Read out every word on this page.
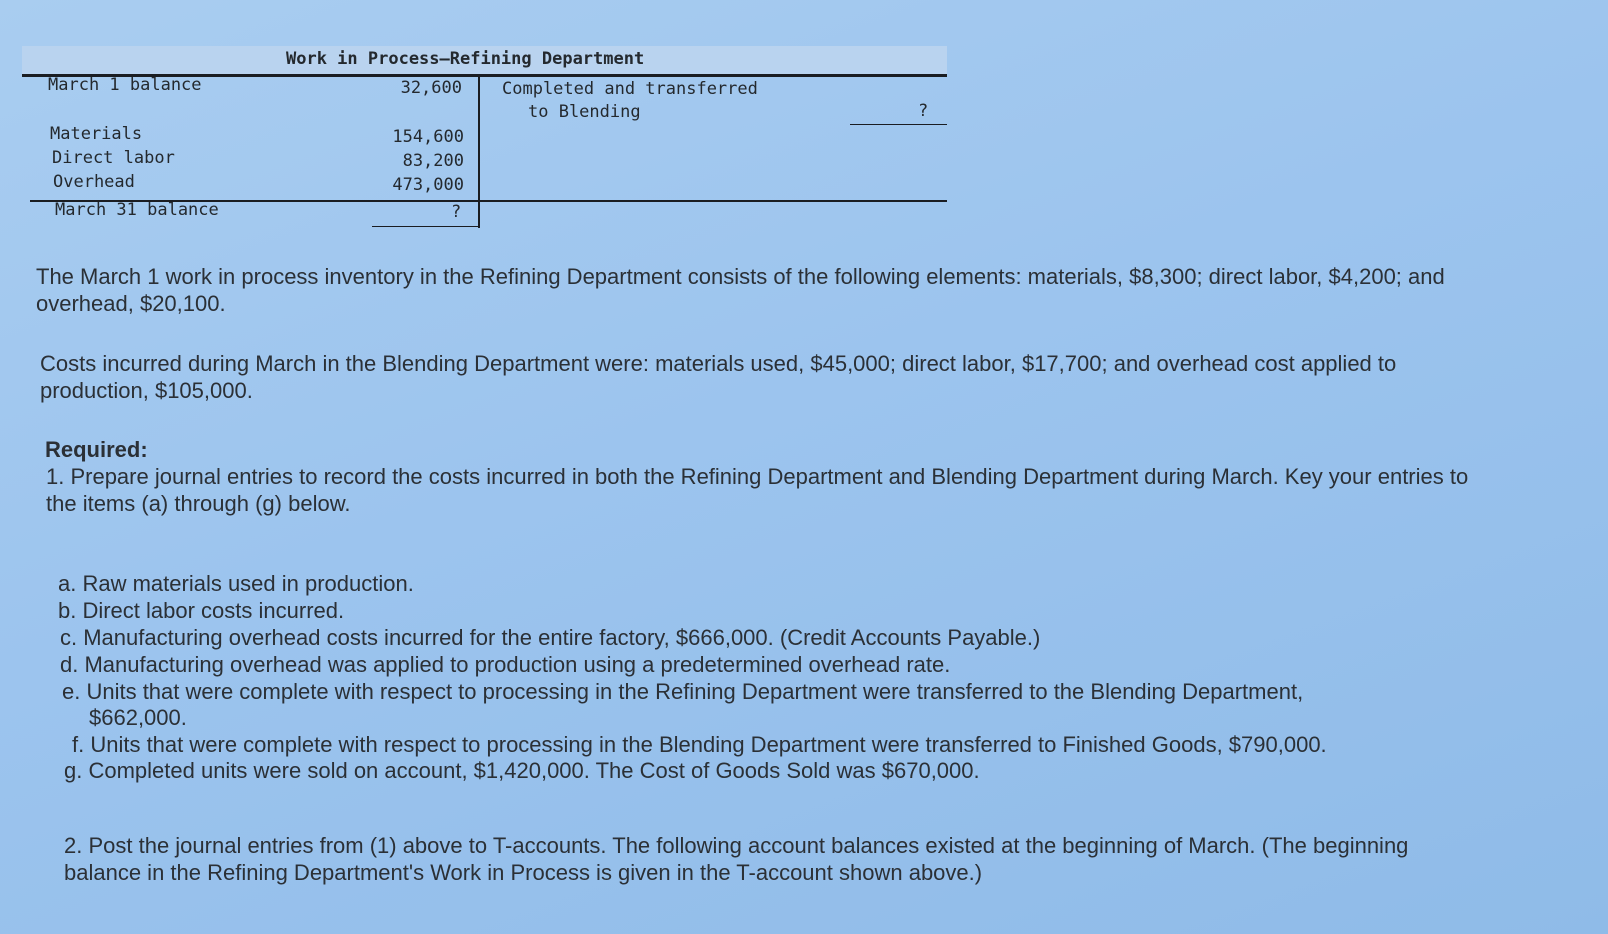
Work in Process—Refining Department
March 1 balance	32,600
Materials	154,600
Direct labor	83,200
Overhead	473,000
March 31 balance	?
Completed and transferred
to Blending	?
The March 1 work in process inventory in the Refining Department consists of the following elements: materials, $8,300; direct labor, $4,200; and overhead, $20,100.
Costs incurred during March in the Blending Department were: materials used, $45,000; direct labor, $17,700; and overhead cost applied to production, $105,000.
Required:
1. Prepare journal entries to record the costs incurred in both the Refining Department and Blending Department during March. Key your entries to the items (a) through (g) below.
a. Raw materials used in production.
b. Direct labor costs incurred.
c. Manufacturing overhead costs incurred for the entire factory, $666,000. (Credit Accounts Payable.)
d. Manufacturing overhead was applied to production using a predetermined overhead rate.
e. Units that were complete with respect to processing in the Refining Department were transferred to the Blending Department,
$662,000.
f. Units that were complete with respect to processing in the Blending Department were transferred to Finished Goods, $790,000.
g. Completed units were sold on account, $1,420,000. The Cost of Goods Sold was $670,000.
2. Post the journal entries from (1) above to T-accounts. The following account balances existed at the beginning of March. (The beginning balance in the Refining Department's Work in Process is given in the T-account shown above.)
